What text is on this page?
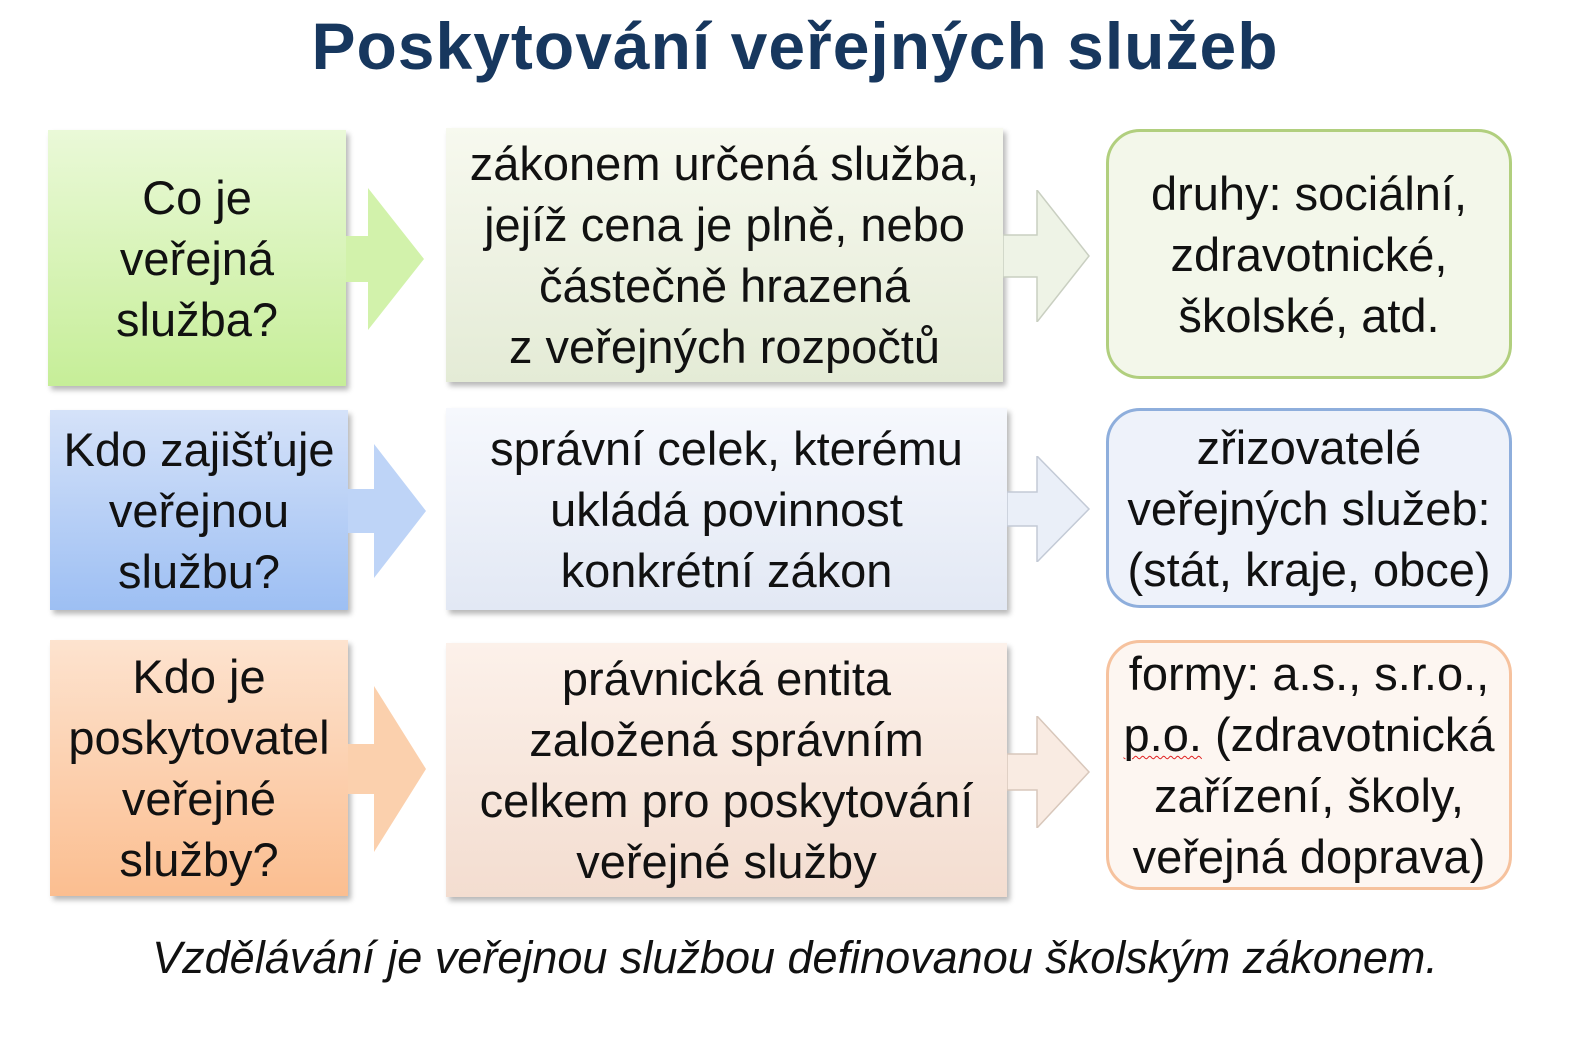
Poskytování veřejných služeb
Co je
veřejná
služba?
zákonem určená služba,
jejíž cena je plně, nebo
částečně hrazená
z veřejných rozpočtů
druhy: sociální,
zdravotnické,
školské, atd.
Kdo zajišťuje
veřejnou
službu?
správní celek, kterému
ukládá povinnost
konkrétní zákon
zřizovatelé
veřejných služeb:
(stát, kraje, obce)
Kdo je
poskytovatel
veřejné
služby?
právnická entita
založená správním
celkem pro poskytování
veřejné služby
formy: a.s., s.r.o.,
p.o. (zdravotnická
zařízení, školy,
veřejná doprava)
Vzdělávání je veřejnou službou definovanou školským zákonem.
